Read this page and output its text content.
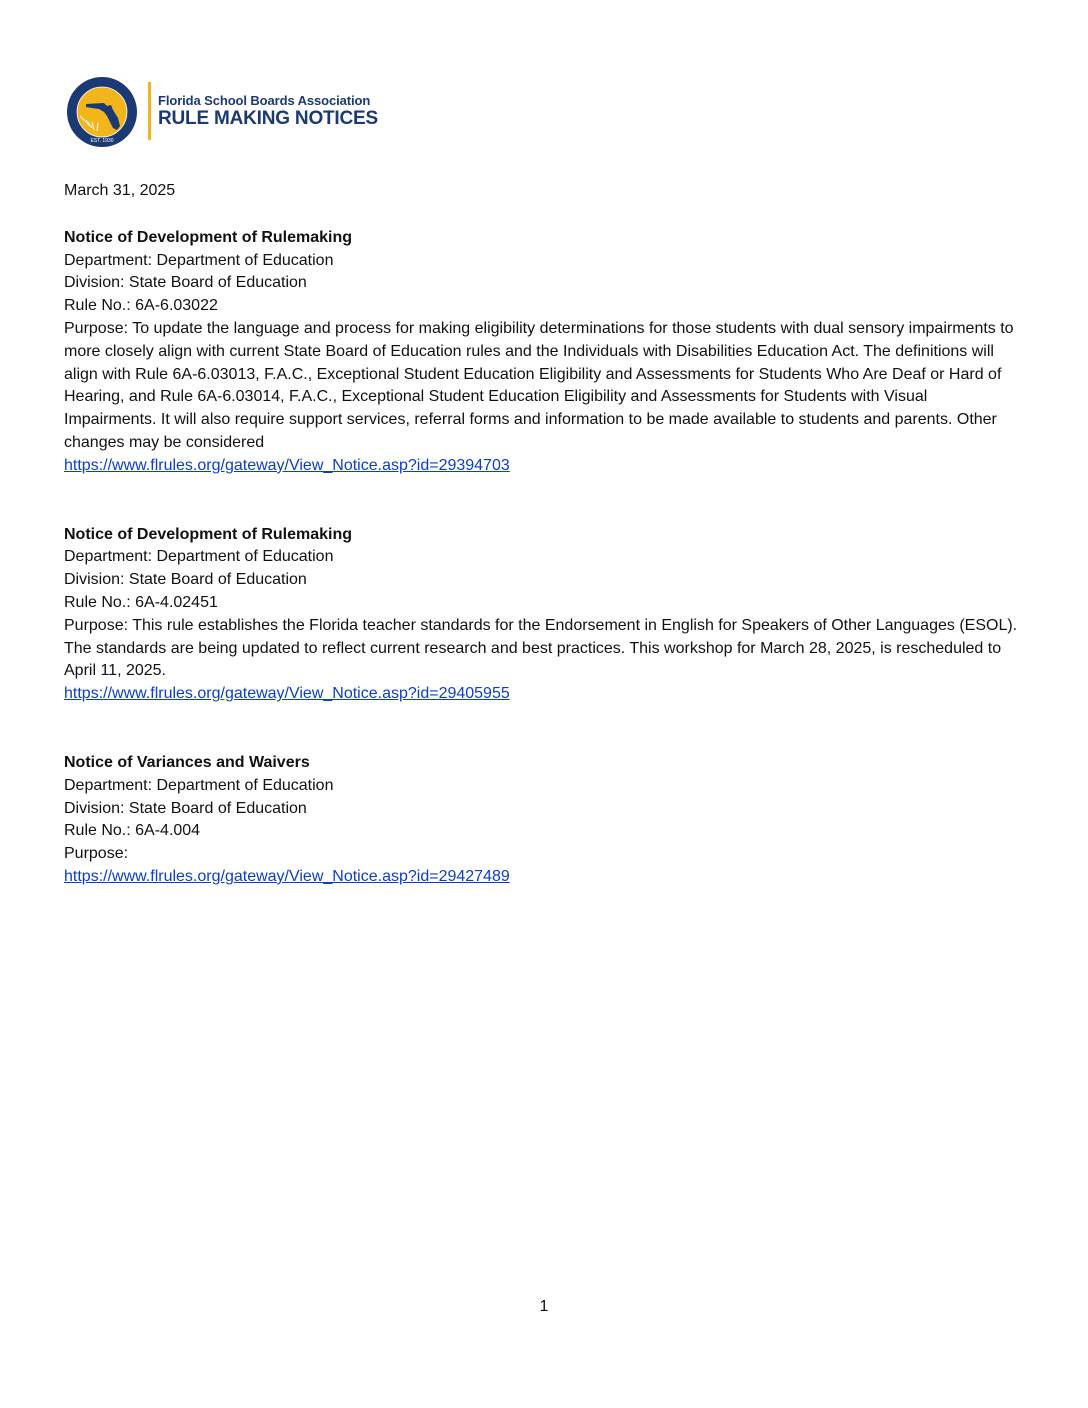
EST. 1930
Florida School Boards Association
RULE MAKING NOTICES
March 31, 2025
Notice of Development of Rulemaking
Department: Department of Education
Division: State Board of Education
Rule No.: 6A-6.03022
Purpose: To update the language and process for making eligibility determinations for those students with dual sensory impairments to more closely align with current State Board of Education rules and the Individuals with Disabilities Education Act. The definitions will align with Rule 6A-6.03013, F.A.C., Exceptional Student Education Eligibility and Assessments for Students Who Are Deaf or Hard of Hearing, and Rule 6A-6.03014, F.A.C., Exceptional Student Education Eligibility and Assessments for Students with Visual Impairments. It will also require support services, referral forms and information to be made available to students and parents. Other changes may be considered
https://www.flrules.org/gateway/View_Notice.asp?id=29394703
Notice of Development of Rulemaking
Department: Department of Education
Division: State Board of Education
Rule No.: 6A-4.02451
Purpose: This rule establishes the Florida teacher standards for the Endorsement in English for Speakers of Other Languages (ESOL). The standards are being updated to reflect current research and best practices. This workshop for March 28, 2025, is rescheduled to April 11, 2025.
https://www.flrules.org/gateway/View_Notice.asp?id=29405955
Notice of Variances and Waivers
Department: Department of Education
Division: State Board of Education
Rule No.: 6A-4.004
Purpose:
https://www.flrules.org/gateway/View_Notice.asp?id=29427489
1
